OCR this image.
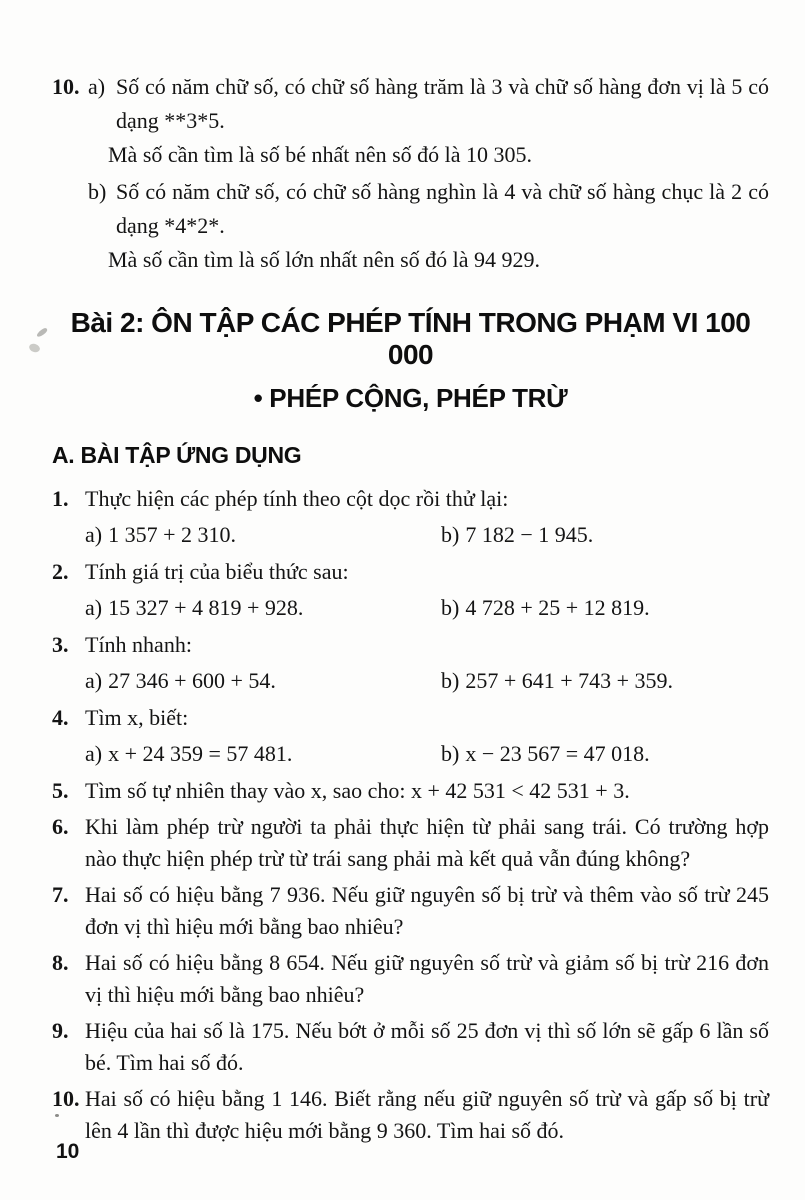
10. a) Số có năm chữ số, có chữ số hàng trăm là 3 và chữ số hàng đơn vị là 5 có dạng **3*5.

Mà số cần tìm là số bé nhất nên số đó là 10 305.

b) Số có năm chữ số, có chữ số hàng nghìn là 4 và chữ số hàng chục là 2 có dạng *4*2*.

Mà số cần tìm là số lớn nhất nên số đó là 94 929.

Bài 2: ÔN TẬP CÁC PHÉP TÍNH TRONG PHẠM VI 100 000
• PHÉP CỘNG, PHÉP TRỪ
A. BÀI TẬP ỨNG DỤNG
1. Thực hiện các phép tính theo cột dọc rồi thử lại:

a) 1 357 + 2 310.	b) 7 182 − 1 945.
2. Tính giá trị của biểu thức sau:

a) 15 327 + 4 819 + 928.	b) 4 728 + 25 + 12 819.
3. Tính nhanh:

a) 27 346 + 600 + 54.	b) 257 + 641 + 743 + 359.
4. Tìm x, biết:

a) x + 24 359 = 57 481.	b) x − 23 567 = 47 018.
5. Tìm số tự nhiên thay vào x, sao cho: x + 42 531 < 42 531 + 3.

6. Khi làm phép trừ người ta phải thực hiện từ phải sang trái. Có trường hợp nào thực hiện phép trừ từ trái sang phải mà kết quả vẫn đúng không?

7. Hai số có hiệu bằng 7 936. Nếu giữ nguyên số bị trừ và thêm vào số trừ 245 đơn vị thì hiệu mới bằng bao nhiêu?

8. Hai số có hiệu bằng 8 654. Nếu giữ nguyên số trừ và giảm số bị trừ 216 đơn vị thì hiệu mới bằng bao nhiêu?

9. Hiệu của hai số là 175. Nếu bớt ở mỗi số 25 đơn vị thì số lớn sẽ gấp 6 lần số bé. Tìm hai số đó.

10. Hai số có hiệu bằng 1 146. Biết rằng nếu giữ nguyên số trừ và gấp số bị trừ lên 4 lần thì được hiệu mới bằng 9 360. Tìm hai số đó.

10
